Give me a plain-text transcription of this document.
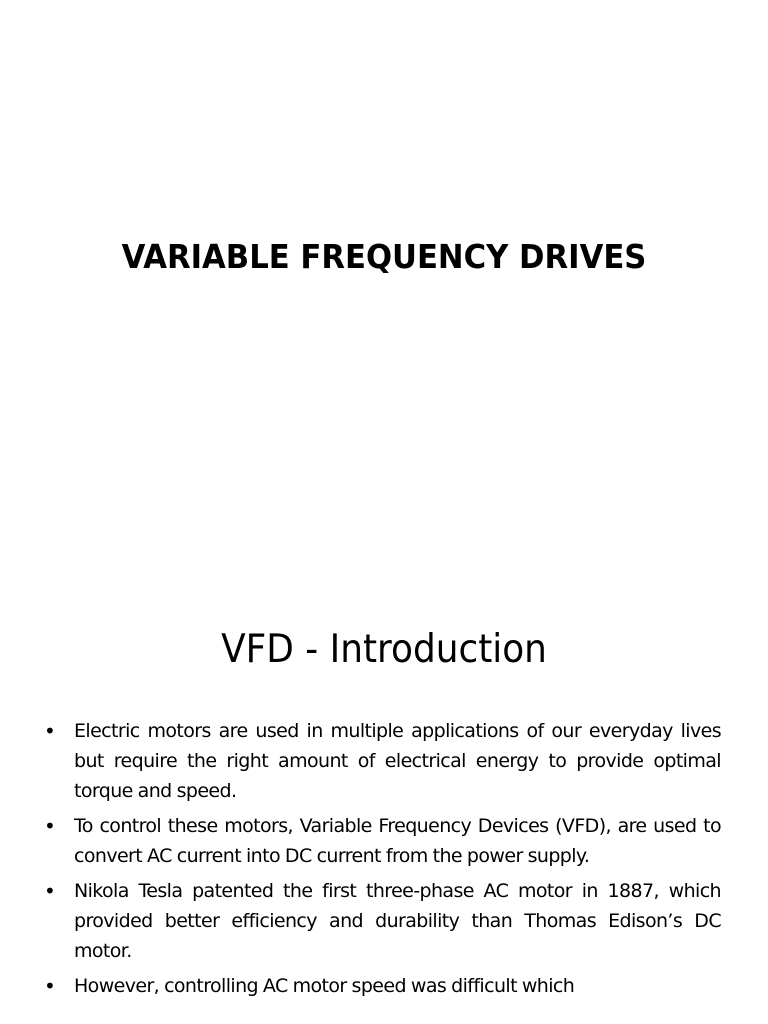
VARIABLE FREQUENCY DRIVES
VFD - Introduction
• Electric motors are used in multiple applications of our everyday lives but require the right amount of electrical energy to provide optimal torque and speed.
• To control these motors, Variable Frequency Devices (VFD), are used to convert AC current into DC current from the power supply.
• Nikola Tesla patented the first three-phase AC motor in 1887, which provided better efficiency and durability than Thomas Edison’s DC motor.
• However, controlling AC motor speed was difficult which
